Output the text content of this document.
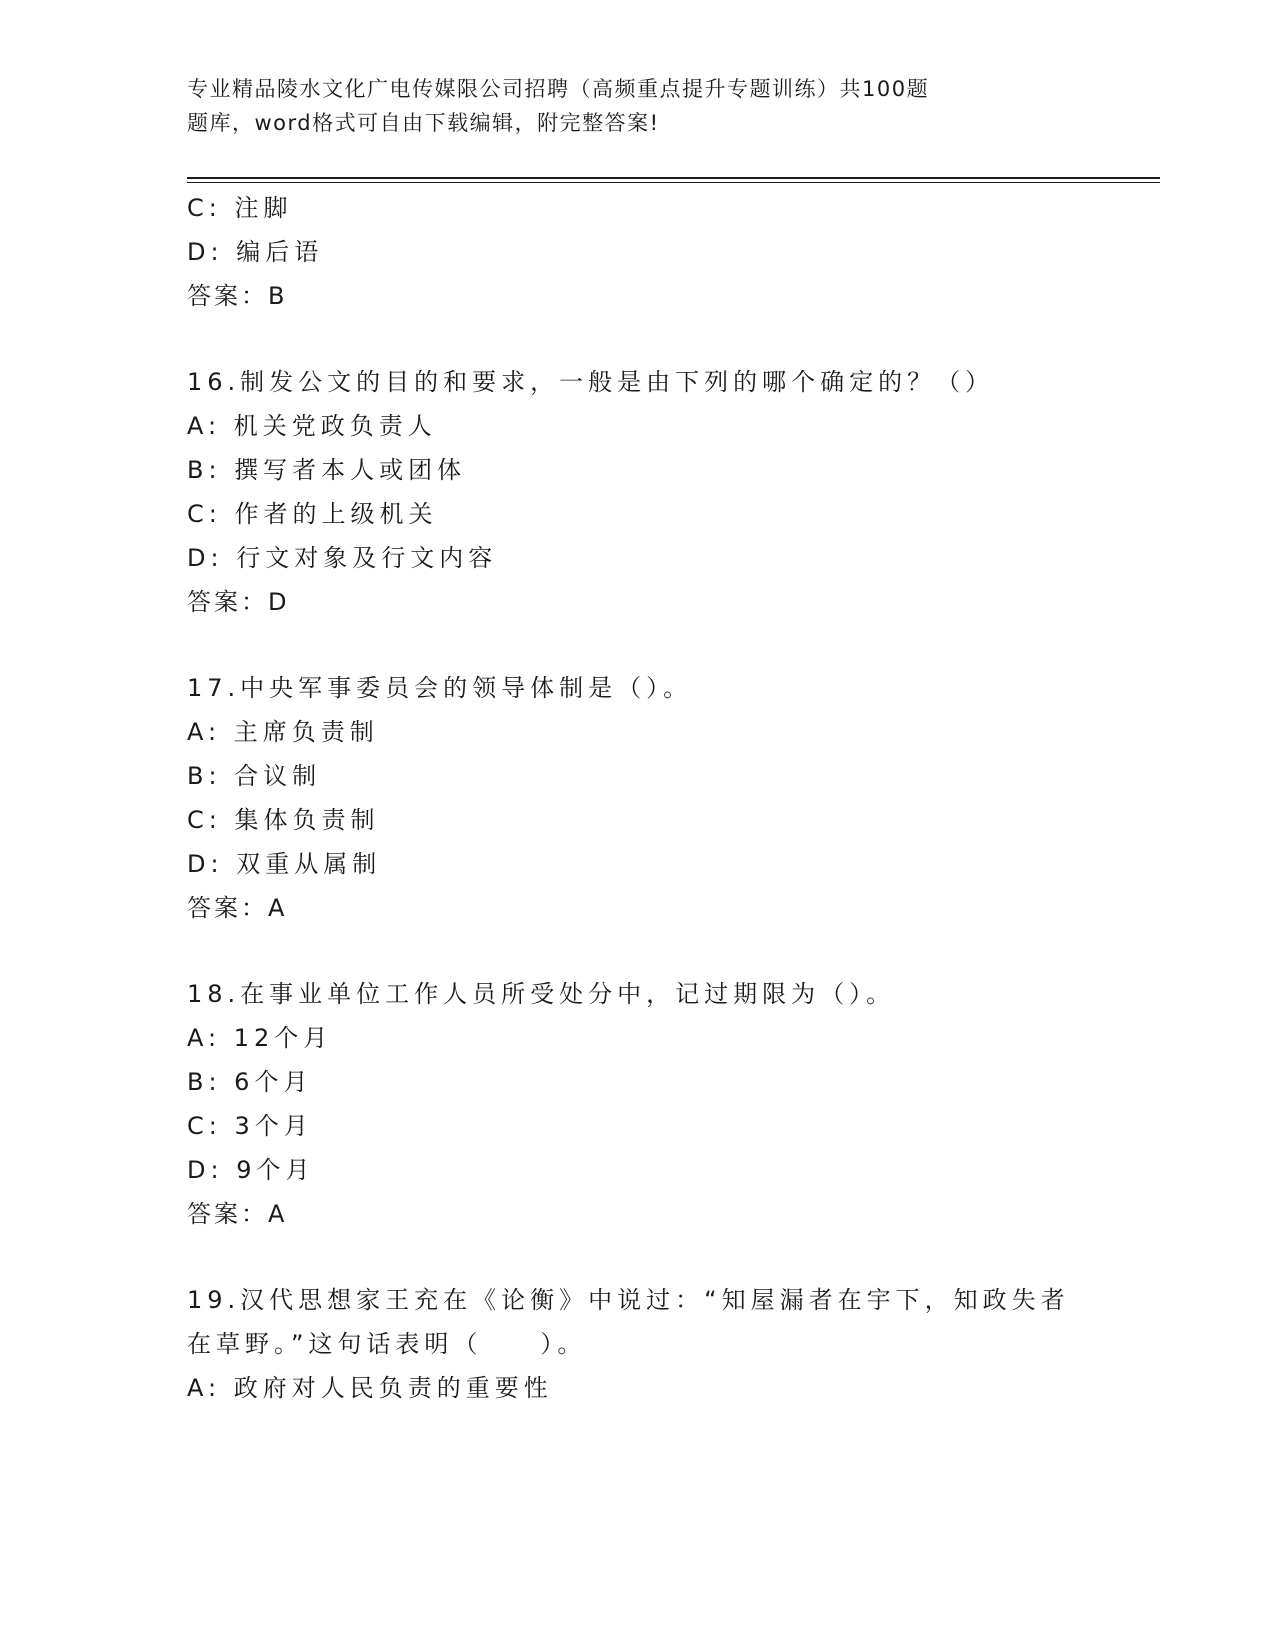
专业精品陵水文化广电传媒限公司招聘（高频重点提升专题训练）共100题
题库，word格式可自由下载编辑，附完整答案!
C: 注脚
D: 编后语
答案：B
16.制发公文的目的和要求，一般是由下列的哪个确定的？（）
A: 机关党政负责人
B: 撰写者本人或团体
C: 作者的上级机关
D: 行文对象及行文内容
答案：D
17.中央军事委员会的领导体制是（）。
A: 主席负责制
B: 合议制
C: 集体负责制
D: 双重从属制
答案：A
18.在事业单位工作人员所受处分中，记过期限为（）。
A: 12个月
B: 6个月
C: 3个月
D: 9个月
答案：A
19.汉代思想家王充在《论衡》中说过：“知屋漏者在宇下，知政失者
在草野。”这句话表明（　　）。
A: 政府对人民负责的重要性
